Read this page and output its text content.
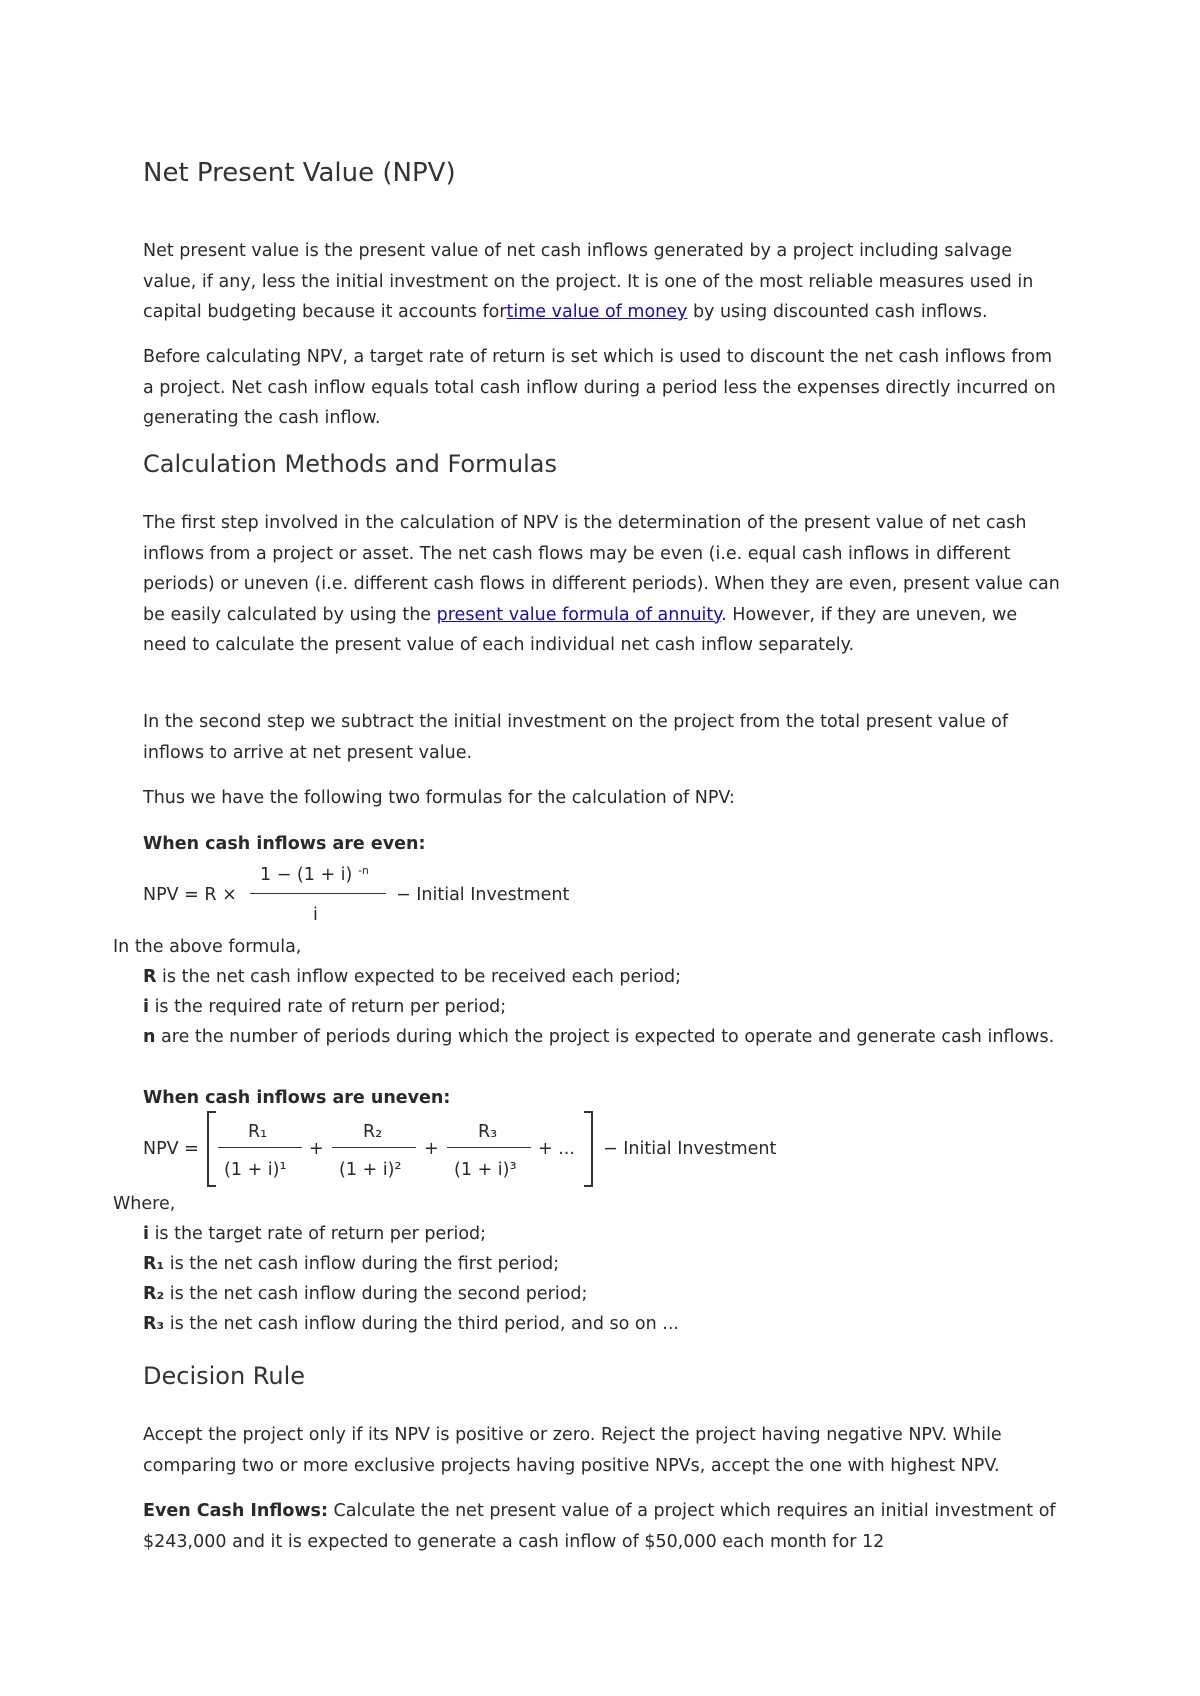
Net Present Value (NPV)

Net present value is the present value of net cash inflows generated by a project including salvage value, if any, less the initial investment on the project. It is one of the most reliable measures used in capital budgeting because it accounts fortime value of money by using discounted cash inflows.

Before calculating NPV, a target rate of return is set which is used to discount the net cash inflows from a project. Net cash inflow equals total cash inflow during a period less the expenses directly incurred on generating the cash inflow.

Calculation Methods and Formulas

The first step involved in the calculation of NPV is the determination of the present value of net cash inflows from a project or asset. The net cash flows may be even (i.e. equal cash inflows in different periods) or uneven (i.e. different cash flows in different periods). When they are even, present value can be easily calculated by using the present value formula of annuity. However, if they are uneven, we need to calculate the present value of each individual net cash inflow separately.

In the second step we subtract the initial investment on the project from the total present value of inflows to arrive at net present value.

Thus we have the following two formulas for the calculation of NPV:

When cash inflows are even:

NPV = R ×
1 − (1 + i) $^{-n}$
i
− Initial Investment

In the above formula,

R is the net cash inflow expected to be received each period;

i is the required rate of return per period;

n are the number of periods during which the project is expected to operate and generate cash inflows.

When cash inflows are uneven:

NPV =
R₁
(1 + i)¹
+
R₂
(1 + i)²
+
R₃
(1 + i)³
+ ... − Initial Investment

Where,

i is the target rate of return per period;

R₁ is the net cash inflow during the first period;

R₂ is the net cash inflow during the second period;

R₃ is the net cash inflow during the third period, and so on ...

Decision Rule

Accept the project only if its NPV is positive or zero. Reject the project having negative NPV. While comparing two or more exclusive projects having positive NPVs, accept the one with highest NPV.

Even Cash Inflows: Calculate the net present value of a project which requires an initial investment of $243,000 and it is expected to generate a cash inflow of $50,000 each month for 12
